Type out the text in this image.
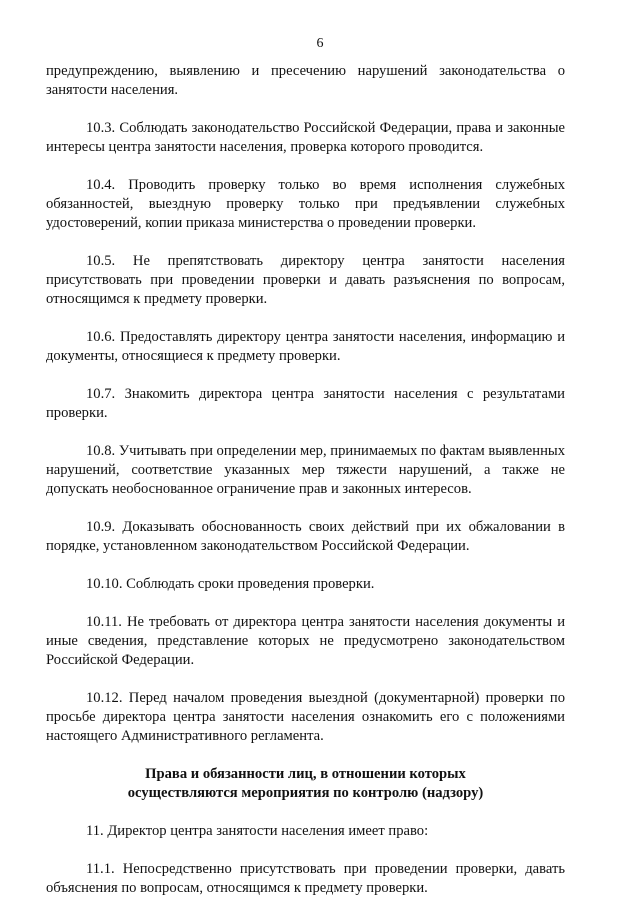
6

предупреждению, выявлению и пресечению нарушений законодательства о занятости населения.

10.3. Соблюдать законодательство Российской Федерации, права и законные интересы центра занятости населения, проверка которого проводится.

10.4. Проводить проверку только во время исполнения служебных обязанностей, выездную проверку только при предъявлении служебных удостоверений, копии приказа министерства о проведении проверки.

10.5. Не препятствовать директору центра занятости населения присутствовать при проведении проверки и давать разъяснения по вопросам, относящимся к предмету проверки.

10.6. Предоставлять директору центра занятости населения, информацию и документы, относящиеся к предмету проверки.

10.7. Знакомить директора центра занятости населения с результатами проверки.

10.8. Учитывать при определении мер, принимаемых по фактам выявленных нарушений, соответствие указанных мер тяжести нарушений, а также не допускать необоснованное ограничение прав и законных интересов.

10.9. Доказывать обоснованность своих действий при их обжаловании в порядке, установленном законодательством Российской Федерации.

10.10. Соблюдать сроки проведения проверки.

10.11. Не требовать от директора центра занятости населения документы и иные сведения, представление которых не предусмотрено законодательством Российской Федерации.

10.12. Перед началом проведения выездной (документарной) проверки по просьбе директора центра занятости населения ознакомить его с положениями настоящего Административного регламента.

Права и обязанности лиц, в отношении которых
осуществляются мероприятия по контролю (надзору)

11. Директор центра занятости населения имеет право:

11.1. Непосредственно присутствовать при проведении проверки, давать объяснения по вопросам, относящимся к предмету проверки.
